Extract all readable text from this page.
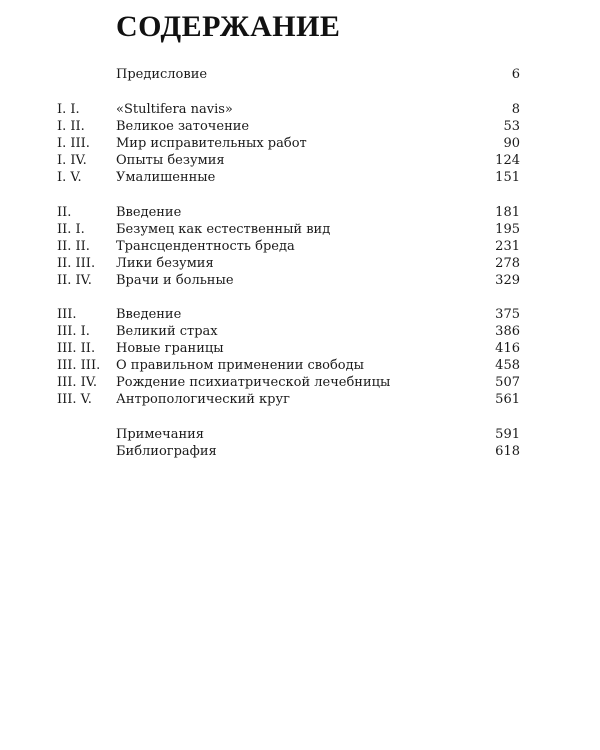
СОДЕРЖАНИЕ
Предисловие	6
I. I.	«Stultifera navis»	8
I. II. Великое заточение	53
I. III. Мир исправительных работ	90
I. IV. Опыты безумия	124
I. V.	Умалишенные	151
II.	Введение	181
II. I. Безумец как естественный вид	195
II. II. Трансцендентность бреда	231
II. III. Лики безумия	278
II. IV. Врачи и больные	329
III.	Введение	375
III. I. Великий страх	386
III. II. Новые границы	416
III. III. О правильном применении свободы	458
III. IV. Рождение психиатрической лечебницы	507
III. V. Антропологический круг	561
Примечания	591
Библиография	618
